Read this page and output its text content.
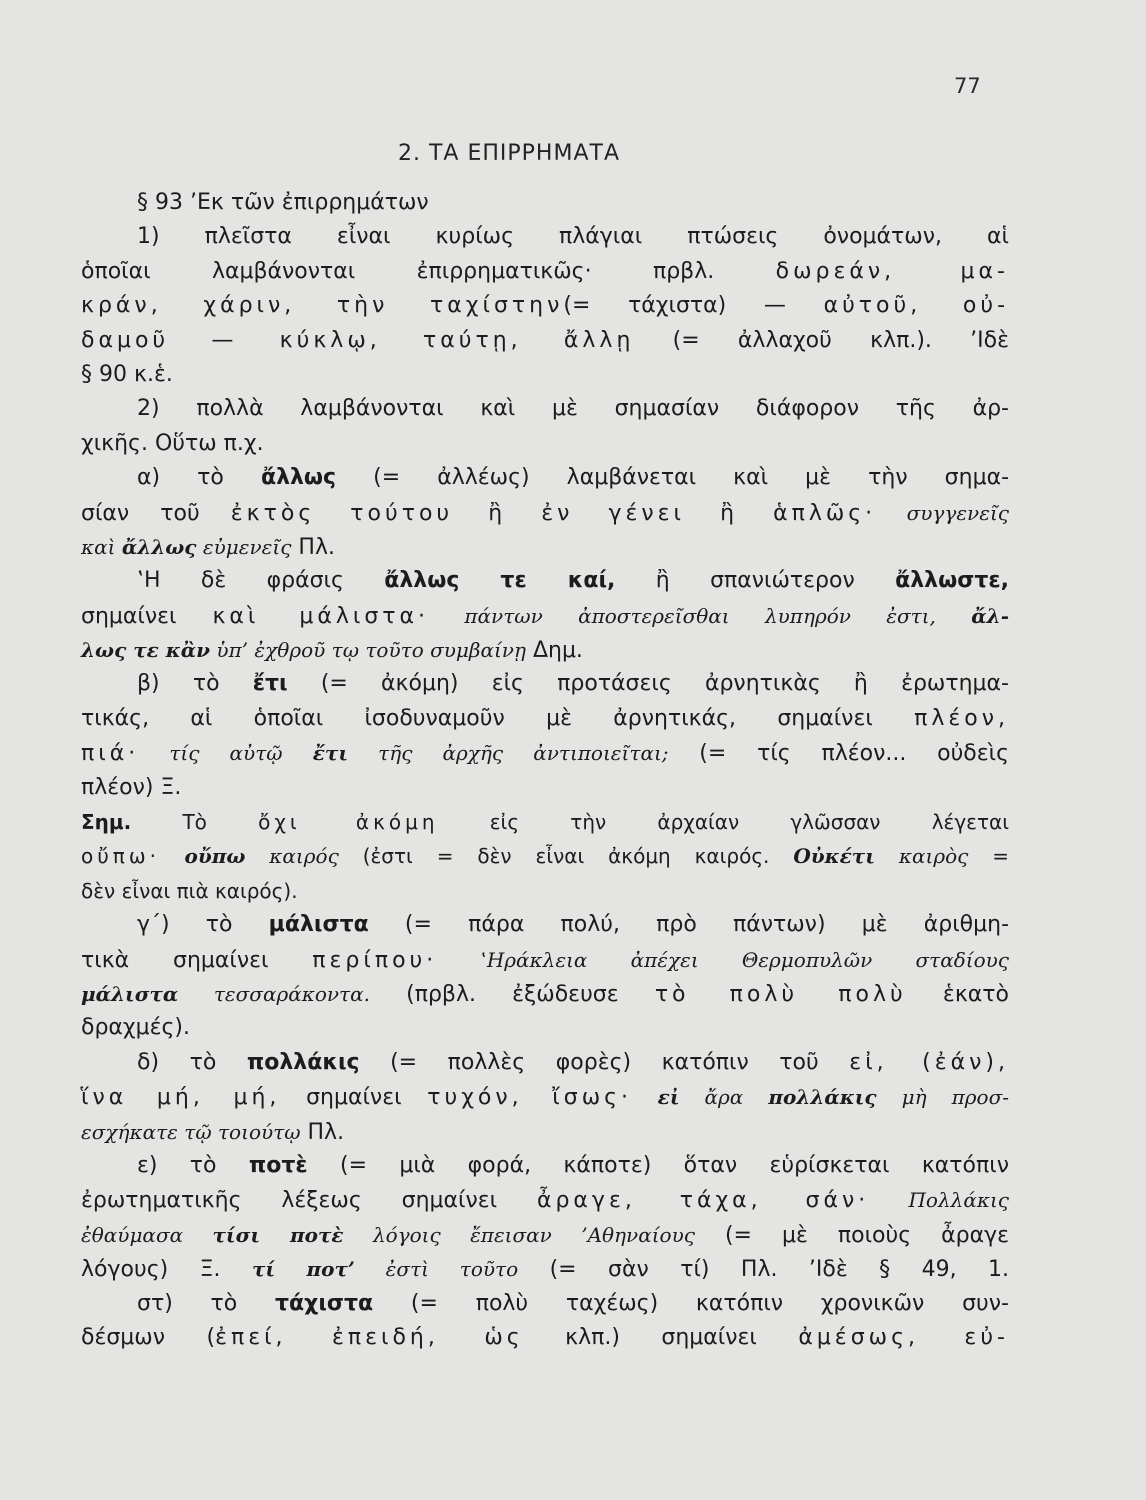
77
2. ΤΑ ΕΠΙΡΡΗΜΑΤΑ
§ 93 ’Εκ τῶν ἐπιρρημάτων
1) πλεῖστα εἶναι κυρίως πλάγιαι πτώσεις ὀνομάτων, αἱ
ὁποῖαι λαμβάνονται ἐπιρρηματικῶς· πρβλ. δωρεάν, μα-
κράν, χάριν, τὴν ταχίστην(= τάχιστα) — αὐτοῦ, οὐ-
δαμοῦ — κύκλῳ, ταύτῃ, ἄλλῃ (= ἀλλαχοῦ κλπ.). ’Ιδὲ
§ 90 κ.ἑ.
2) πολλὰ λαμβάνονται καὶ μὲ σημασίαν διάφορον τῆς ἀρ-
χικῆς. Οὕτω π.χ.
α) τὸ ἄλλως (= ἀλλέως) λαμβάνεται καὶ μὲ τὴν σημα-
σίαν τοῦ ἐκτὸς τούτου ἢ ἐν γένει ἢ ἁπλῶς· συγγενεῖς
καὶ ἄλλως εὐμενεῖς Πλ.
‛Η δὲ φράσις ἄλλως τε καί, ἢ σπανιώτερον ἄλλωστε,
σημαίνει καὶ μάλιστα· πάντων ἀποστερεῖσθαι λυπηρόν ἐστι, ἄλ-
λως τε κἂν ὑπ’ ἐχθροῦ τῳ τοῦτο συμβαίνῃ Δημ.
β) τὸ ἔτι (= ἀκόμη) εἰς προτάσεις ἀρνητικὰς ἢ ἐρωτημα-
τικάς, αἱ ὁποῖαι ἰσοδυναμοῦν μὲ ἀρνητικάς, σημαίνει πλέον,
πιά· τίς αὐτῷ ἔτι τῆς ἀρχῆς ἀντιποιεῖται; (= τίς πλέον... οὐδεὶς
πλέον) Ξ.
Σημ. Τὸ ὄχι ἀκόμη εἰς τὴν ἀρχαίαν γλῶσσαν λέγεται
οὔπω· οὔπω καιρός (ἐστι = δὲν εἶναι ἀκόμη καιρός. Οὐκέτι καιρὸς =
δὲν εἶναι πιὰ καιρός).
γ΄) τὸ μάλιστα (= πάρα πολύ, πρὸ πάντων) μὲ ἀριθμη-
τικὰ σημαίνει περίπου· ‛Ηράκλεια ἀπέχει Θερμοπυλῶν σταδίους
μάλιστα τεσσαράκοντα. (πρβλ. ἐξώδευσε τὸ πολὺ πολὺ ἑκατὸ
δραχμές).
δ) τὸ πολλάκις (= πολλὲς φορὲς) κατόπιν τοῦ εἰ, (ἐάν),
ἵνα μή, μή, σημαίνει τυχόν, ἴσως· εἰ ἄρα πολλάκις μὴ προσ-
εσχήκατε τῷ τοιούτῳ Πλ.
ε) τὸ ποτὲ (= μιὰ φορά, κάποτε) ὅταν εὑρίσκεται κατόπιν
ἐρωτηματικῆς λέξεως σημαίνει ἆραγε, τάχα, σάν· Πολλάκις
ἐθαύμασα τίσι ποτὲ λόγοις ἔπεισαν ’Αθηναίους (= μὲ ποιοὺς ἆραγε
λόγους) Ξ. τί ποτ’ ἐστὶ τοῦτο (= σὰν τί) Πλ. ’Ιδὲ § 49, 1.
στ) τὸ τάχιστα (= πολὺ ταχέως) κατόπιν χρονικῶν συν-
δέσμων (ἐπεί, ἐπειδή, ὡς κλπ.) σημαίνει ἀμέσως, εὐ-
